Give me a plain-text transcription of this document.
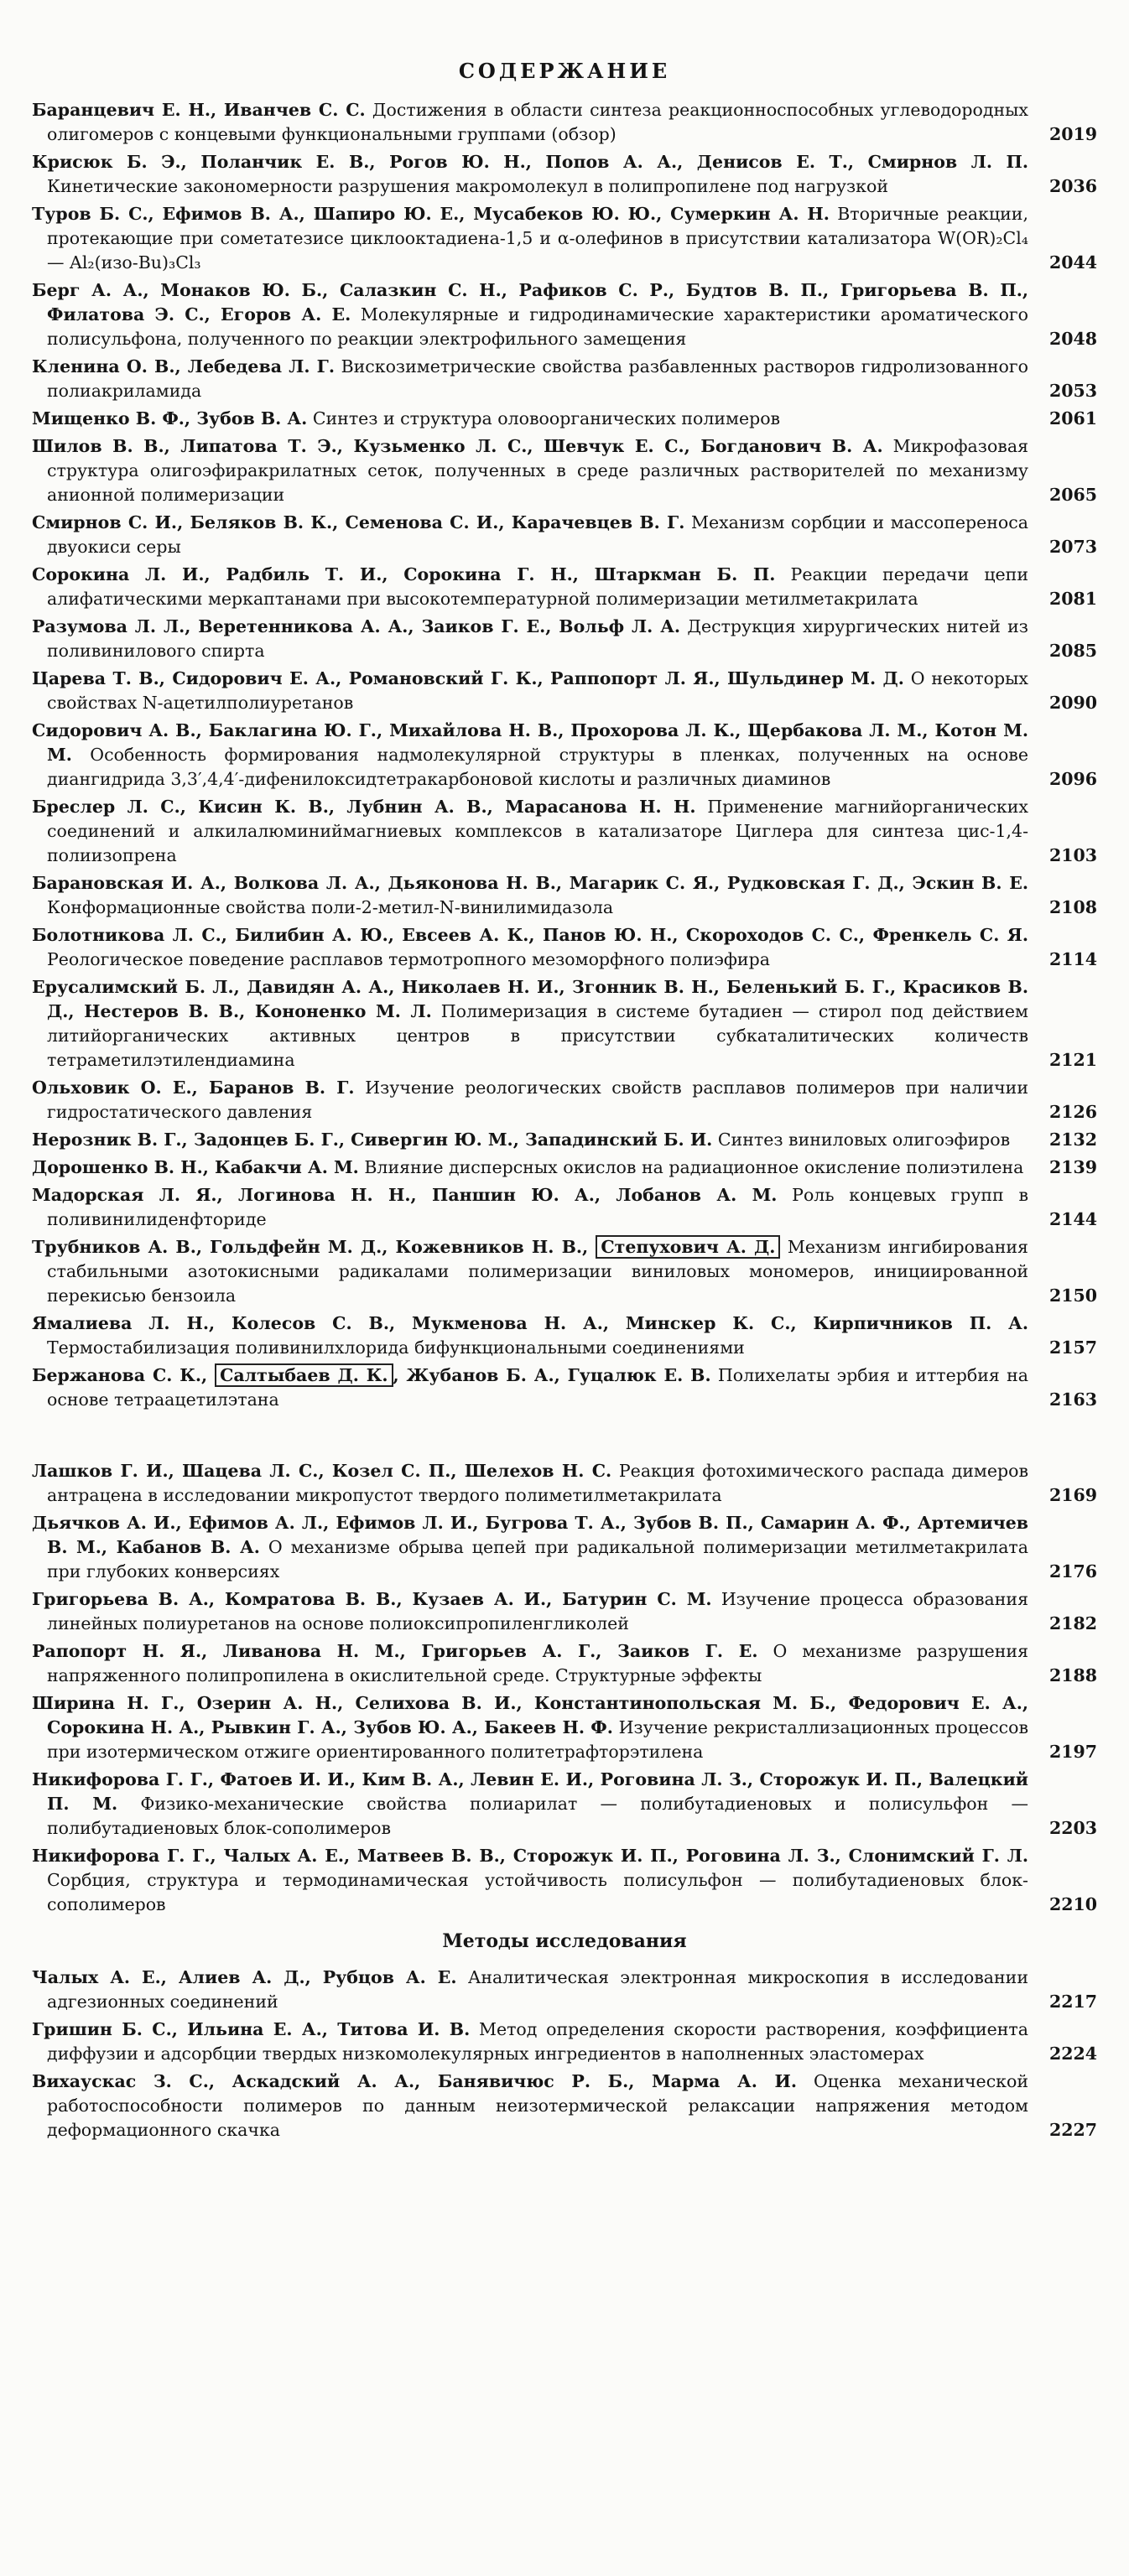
СОДЕРЖАНИЕ
Баранцевич Е. Н., Иванчев С. С. Достижения в области синтеза реакционноспособных углеводородных олигомеров с концевыми функциональными группами (обзор)	2019
Крисюк Б. Э., Поланчик Е. В., Рогов Ю. Н., Попов А. А., Денисов Е. Т., Смирнов Л. П. Кинетические закономерности разрушения макромолекул в полипропилене под нагрузкой	2036
Туров Б. С., Ефимов В. А., Шапиро Ю. Е., Мусабеков Ю. Ю., Сумеркин А. Н. Вторичные реакции, протекающие при сометатезисе циклооктадиена-1,5 и α-олефинов в присутствии катализатора W(OR)₂Cl₄ — Al₂(изо-Bu)₃Cl₃	2044
Берг А. А., Монаков Ю. Б., Салазкин С. Н., Рафиков С. Р., Будтов В. П., Григорьева В. П., Филатова Э. С., Егоров А. Е. Молекулярные и гидродинамические характеристики ароматического полисульфона, полученного по реакции электрофильного замещения	2048
Кленина О. В., Лебедева Л. Г. Вискозиметрические свойства разбавленных растворов гидролизованного полиакриламида	2053
Мищенко В. Ф., Зубов В. А. Синтез и структура оловоорганических полимеров	2061
Шилов В. В., Липатова Т. Э., Кузьменко Л. С., Шевчук Е. С., Богданович В. А. Микрофазовая структура олигоэфиракрилатных сеток, полученных в среде различных растворителей по механизму анионной полимеризации	2065
Смирнов С. И., Беляков В. К., Семенова С. И., Карачевцев В. Г. Механизм сорбции и массопереноса двуокиси серы	2073
Сорокина Л. И., Радбиль Т. И., Сорокина Г. Н., Штаркман Б. П. Реакции передачи цепи алифатическими меркаптанами при высокотемпературной полимеризации метилметакрилата	2081
Разумова Л. Л., Веретенникова А. А., Заиков Г. Е., Вольф Л. А. Деструкция хирургических нитей из поливинилового спирта	2085
Царева Т. В., Сидорович Е. А., Романовский Г. К., Раппопорт Л. Я., Шульдинер М. Д. О некоторых свойствах N-ацетилполиуретанов	2090
Сидорович А. В., Баклагина Ю. Г., Михайлова Н. В., Прохорова Л. К., Щербакова Л. М., Котон М. М. Особенность формирования надмолекулярной структуры в пленках, полученных на основе диангидрида 3,3′,4,4′-дифенилоксидтетракарбоновой кислоты и различных диаминов	2096
Бреслер Л. С., Кисин К. В., Лубнин А. В., Марасанова Н. Н. Применение магнийорганических соединений и алкилалюминиймагниевых комплексов в катализаторе Циглера для синтеза цис-1,4-полиизопрена	2103
Барановская И. А., Волкова Л. А., Дьяконова Н. В., Магарик С. Я., Рудковская Г. Д., Эскин В. Е. Конформационные свойства поли-2-метил-N-винилимидазола	2108
Болотникова Л. С., Билибин А. Ю., Евсеев А. К., Панов Ю. Н., Скороходов С. С., Френкель С. Я. Реологическое поведение расплавов термотропного мезоморфного полиэфира	2114
Ерусалимский Б. Л., Давидян А. А., Николаев Н. И., Згонник В. Н., Беленький Б. Г., Красиков В. Д., Нестеров В. В., Кононенко М. Л. Полимеризация в системе бутадиен — стирол под действием литийорганических активных центров в присутствии субкаталитических количеств тетраметилэтилендиамина	2121
Ольховик О. Е., Баранов В. Г. Изучение реологических свойств расплавов полимеров при наличии гидростатического давления	2126
Нерозник В. Г., Задонцев Б. Г., Сивергин Ю. М., Западинский Б. И. Синтез виниловых олигоэфиров	2132
Дорошенко В. Н., Кабакчи А. М. Влияние дисперсных окислов на радиационное окисление полиэтилена	2139
Мадорская Л. Я., Логинова Н. Н., Паншин Ю. А., Лобанов А. М. Роль концевых групп в поливинилиденфториде	2144
Трубников А. В., Гольдфейн М. Д., Кожевников Н. В., Степухович А. Д. Механизм ингибирования стабильными азотокисными радикалами полимеризации виниловых мономеров, инициированной перекисью бензоила	2150
Ямалиева Л. Н., Колесов С. В., Мукменова Н. А., Минскер К. С., Кирпичников П. А. Термостабилизация поливинилхлорида бифункциональными соединениями	2157
Бержанова С. К., Салтыбаев Д. К. , Жубанов Б. А., Гуцалюк Е. В. Полихелаты эрбия и иттербия на основе тетраацетилэтана	2163
Лашков Г. И., Шацева Л. С., Козел С. П., Шелехов Н. С. Реакция фотохимического распада димеров антрацена в исследовании микропустот твердого полиметилметакрилата	2169
Дьячков А. И., Ефимов А. Л., Ефимов Л. И., Бугрова Т. А., Зубов В. П., Самарин А. Ф., Артемичев В. М., Кабанов В. А. О механизме обрыва цепей при радикальной полимеризации метилметакрилата при глубоких конверсиях	2176
Григорьева В. А., Комратова В. В., Кузаев А. И., Батурин С. М. Изучение процесса образования линейных полиуретанов на основе полиоксипропиленгликолей	2182
Рапопорт Н. Я., Ливанова Н. М., Григорьев А. Г., Заиков Г. Е. О механизме разрушения напряженного полипропилена в окислительной среде. Структурные эффекты	2188
Ширина Н. Г., Озерин А. Н., Селихова В. И., Константинопольская М. Б., Федорович Е. А., Сорокина Н. А., Рывкин Г. А., Зубов Ю. А., Бакеев Н. Ф. Изучение рекристаллизационных процессов при изотермическом отжиге ориентированного политетрафторэтилена	2197
Никифорова Г. Г., Фатоев И. И., Ким В. А., Левин Е. И., Роговина Л. З., Сторожук И. П., Валецкий П. М. Физико-механические свойства полиарилат — полибутадиеновых и полисульфон — полибутадиеновых блок-сополимеров	2203
Никифорова Г. Г., Чалых А. Е., Матвеев В. В., Сторожук И. П., Роговина Л. З., Слонимский Г. Л. Сорбция, структура и термодинамическая устойчивость полисульфон — полибутадиеновых блок-сополимеров	2210
Методы исследования
Чалых А. Е., Алиев А. Д., Рубцов А. Е. Аналитическая электронная микроскопия в исследовании адгезионных соединений	2217
Гришин Б. С., Ильина Е. А., Титова И. В. Метод определения скорости растворения, коэффициента диффузии и адсорбции твердых низкомолекулярных ингредиентов в наполненных эластомерах	2224
Вихаускас З. С., Аскадский А. А., Банявичюс Р. Б., Марма А. И. Оценка механической работоспособности полимеров по данным неизотермической релаксации напряжения методом деформационного скачка	2227
